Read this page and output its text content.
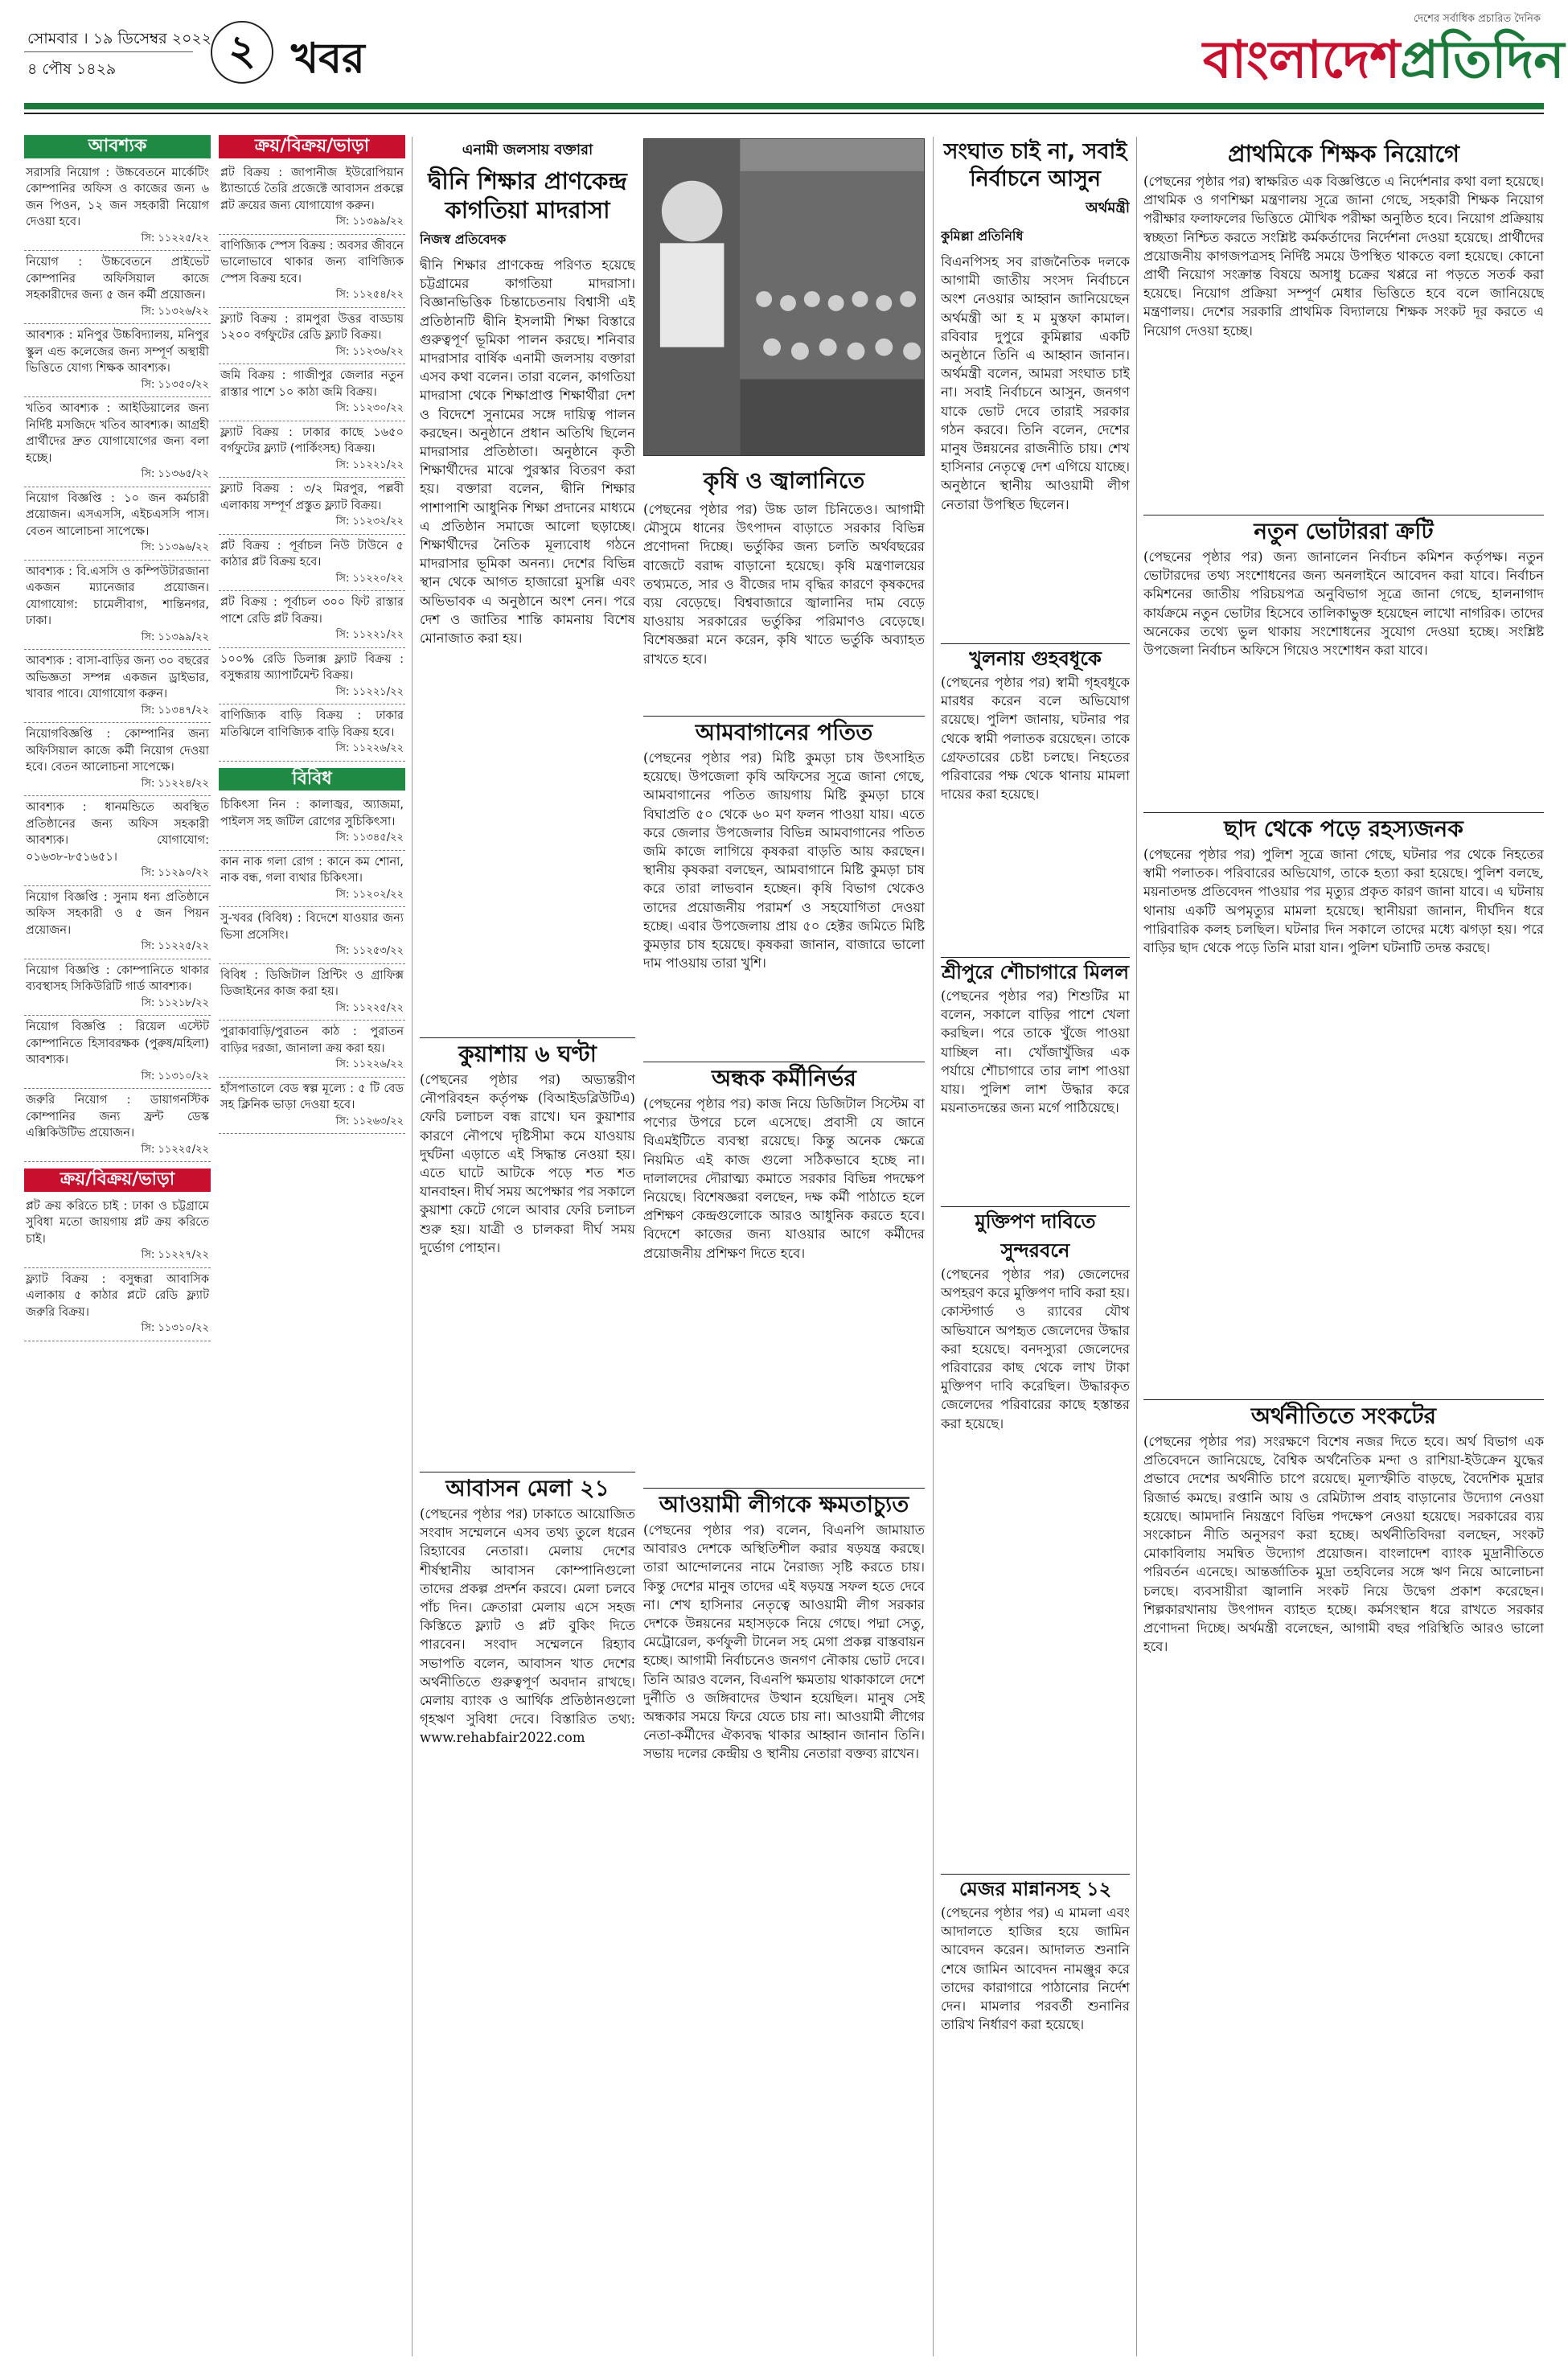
সোমবার । ১৯ ডিসেম্বর ২০২২
৪ পৌষ ১৪২৯	২ খবর
দেশের সর্বাধিক প্রচারিত দৈনিক
বাংলাদেশপ্রতিদিন
আবশ্যক
সরাসরি নিয়োগ : উচ্চবেতনে মার্কেটিং কোম্পানির অফিস ও কাজের জন্য ৬ জন পিওন, ১২ জন সহকারী নিয়োগ দেওয়া হবে।
সি: ১১২২৫/২২
নিয়োগ : উচ্চবেতনে প্রাইভেট কোম্পানির অফিসিয়াল কাজে সহকারীদের জন্য ৫ জন কর্মী প্রয়োজন।
সি: ১১৩২৬/২২
আবশ্যক : মনিপুর উচ্চবিদ্যালয়, মনিপুর স্কুল এন্ড কলেজের জন্য সম্পূর্ণ অস্থায়ী ভিত্তিতে যোগ্য শিক্ষক আবশ্যক।
সি: ১১৩৫০/২২
খতিব আবশ্যক : আইডিয়ালের জন্য নির্দিষ্ট মসজিদে খতিব আবশ্যক। আগ্রহী প্রার্থীদের দ্রুত যোগাযোগের জন্য বলা হচ্ছে।
সি: ১১৩৬৫/২২
নিয়োগ বিজ্ঞপ্তি : ১০ জন কর্মচারী প্রয়োজন। এসএসসি, এইচএসসি পাস। বেতন আলোচনা সাপেক্ষে।
সি: ১১৩৯৬/২২
আবশ্যক : বি.এসসি ও কম্পিউটারজানা একজন ম্যানেজার প্রয়োজন। যোগাযোগ: চামেলীবাগ, শান্তিনগর, ঢাকা।
সি: ১১৩৯৯/২২
আবশ্যক : বাসা-বাড়ির জন্য ৩০ বছরের অভিজ্ঞতা সম্পন্ন একজন ড্রাইভার, খাবার পাবে। যোগাযোগ করুন।
সি: ১১৩৪৭/২২
নিয়োগবিজ্ঞপ্তি : কোম্পানির জন্য অফিসিয়াল কাজে কর্মী নিয়োগ দেওয়া হবে। বেতন আলোচনা সাপেক্ষে।
সি: ১১২২৪/২২
আবশ্যক : ধানমন্ডিতে অবস্থিত প্রতিষ্ঠানের জন্য অফিস সহকারী আবশ্যক। যোগাযোগ: ০১৬৩৮-৮৫১৬৫১।
সি: ১১২৯০/২২
নিয়োগ বিজ্ঞপ্তি : সুনাম ধন্য প্রতিষ্ঠানে অফিস সহকারী ও ৫ জন পিয়ন প্রয়োজন।
সি: ১১২২৫/২২
নিয়োগ বিজ্ঞপ্তি : কোম্পানিতে থাকার ব্যবস্থাসহ সিকিউরিটি গার্ড আবশ্যক।
সি: ১১২১৮/২২
নিয়োগ বিজ্ঞপ্তি : রিয়েল এস্টেট কোম্পানিতে হিসাবরক্ষক (পুরুষ/মহিলা) আবশ্যক।
সি: ১১৩১০/২২
জরুরি নিয়োগ : ডায়াগনস্টিক কোম্পানির জন্য ফ্রন্ট ডেস্ক এক্সিকিউটিভ প্রয়োজন।
সি: ১১২২৫/২২
ক্রয়/বিক্রয়/ভাড়া
প্লট ক্রয় করিতে চাই : ঢাকা ও চট্টগ্রামে সুবিধা মতো জায়গায় প্লট ক্রয় করিতে চাই।
সি: ১১২২৭/২২
ফ্ল্যাট বিক্রয় : বসুন্ধরা আবাসিক এলাকায় ৫ কাঠার প্লটে রেডি ফ্ল্যাট জরুরি বিক্রয়।
সি: ১১৩১০/২২
ক্রয়/বিক্রয়/ভাড়া
প্লট বিক্রয় : জাপানীজ ইউরোপিয়ান ষ্ট্যান্ডার্ডে তৈরি প্রজেক্টে আবাসন প্রকল্পে প্লট ক্রয়ের জন্য যোগাযোগ করুন।
সি: ১১৩৯৯/২২
বাণিজ্যিক স্পেস বিক্রয় : অবসর জীবনে ভালোভাবে থাকার জন্য বাণিজ্যিক স্পেস বিক্রয় হবে।
সি: ১১২৫৪/২২
ফ্ল্যাট বিক্রয় : রামপুরা উত্তর বাড্ডায় ১২০০ বর্গফুটের রেডি ফ্ল্যাট বিক্রয়।
সি: ১১২৩৬/২২
জমি বিক্রয় : গাজীপুর জেলার নতুন রাস্তার পাশে ১০ কাঠা জমি বিক্রয়।
সি: ১১২৩০/২২
ফ্ল্যাট বিক্রয় : ঢাকার কাছে ১৬৫০ বর্গফুটের ফ্ল্যাট (পার্কিংসহ) বিক্রয়।
সি: ১১২২১/২২
ফ্ল্যাট বিক্রয় : ৩/২ মিরপুর, পল্লবী এলাকায় সম্পূর্ণ প্রস্তুত ফ্ল্যাট বিক্রয়।
সি: ১১২৩২/২২
প্লট বিক্রয় : পূর্বাচল নিউ টাউনে ৫ কাঠার প্লট বিক্রয় হবে।
সি: ১১২২০/২২
প্লট বিক্রয় : পূর্বাচল ৩০০ ফিট রাস্তার পাশে রেডি প্লট বিক্রয়।
সি: ১১২২১/২২
১০০% রেডি ডিলাক্স ফ্ল্যাট বিক্রয় : বসুন্ধরায় অ্যাপার্টমেন্ট বিক্রয়।
সি: ১১২২১/২২
বাণিজ্যিক বাড়ি বিক্রয় : ঢাকার মতিঝিলে বাণিজ্যিক বাড়ি বিক্রয় হবে।
সি: ১১২২৬/২২
বিবিধ
চিকিৎসা নিন : কালাজ্বর, অ্যাজমা, পাইলস সহ জটিল রোগের সুচিকিৎসা।
সি: ১১৩৪৫/২২
কান নাক গলা রোগ : কানে কম শোনা, নাক বন্ধ, গলা ব্যথার চিকিৎসা।
সি: ১১২০২/২২
সু-খবর (বিবিধ) : বিদেশে যাওয়ার জন্য ভিসা প্রসেসিং।
সি: ১১২৫৩/২২
বিবিধ : ডিজিটাল প্রিন্টিং ও গ্রাফিক্স ডিজাইনের কাজ করা হয়।
সি: ১১২২৫/২২
পুরাকাবাড়ি/পুরাতন কাঠ : পুরাতন বাড়ির দরজা, জানালা ক্রয় করা হয়।
সি: ১১২২৬/২২
হাঁসপাতালে বেড স্বল্প মূল্যে : ৫ টি বেড সহ ক্লিনিক ভাড়া দেওয়া হবে।
সি: ১১২৬৩/২২
এনামী জলসায় বক্তারা
দ্বীনি শিক্ষার প্রাণকেন্দ্র কাগতিয়া মাদরাসা
নিজস্ব প্রতিবেদক
দ্বীনি শিক্ষার প্রাণকেন্দ্র পরিণত হয়েছে চট্টগ্রামের কাগতিয়া মাদরাসা। বিজ্ঞানভিত্তিক চিন্তাচেতনায় বিশ্বাসী এই প্রতিষ্ঠানটি দ্বীনি ইসলামী শিক্ষা বিস্তারে গুরুত্বপূর্ণ ভূমিকা পালন করছে। শনিবার মাদরাসার বার্ষিক এনামী জলসায় বক্তারা এসব কথা বলেন। তারা বলেন, কাগতিয়া মাদরাসা থেকে শিক্ষাপ্রাপ্ত শিক্ষার্থীরা দেশ ও বিদেশে সুনামের সঙ্গে দায়িত্ব পালন করছেন। অনুষ্ঠানে প্রধান অতিথি ছিলেন মাদরাসার প্রতিষ্ঠাতা। অনুষ্ঠানে কৃতী শিক্ষার্থীদের মাঝে পুরস্কার বিতরণ করা হয়। বক্তারা বলেন, দ্বীনি শিক্ষার পাশাপাশি আধুনিক শিক্ষা প্রদানের মাধ্যমে এ প্রতিষ্ঠান সমাজে আলো ছড়াচ্ছে। শিক্ষার্থীদের নৈতিক মূল্যবোধ গঠনে মাদরাসার ভূমিকা অনন্য। দেশের বিভিন্ন স্থান থেকে আগত হাজারো মুসল্লি এবং অভিভাবক এ অনুষ্ঠানে অংশ নেন। পরে দেশ ও জাতির শান্তি কামনায় বিশেষ মোনাজাত করা হয়।
কৃষি ও জ্বালানিতে
(পেছনের পৃষ্ঠার পর) উচ্চ ডাল চিনিতেও। আগামী মৌসুমে ধানের উৎপাদন বাড়াতে সরকার বিভিন্ন প্রণোদনা দিচ্ছে। ভর্তুকির জন্য চলতি অর্থবছরের বাজেটে বরাদ্দ বাড়ানো হয়েছে। কৃষি মন্ত্রণালয়ের তথ্যমতে, সার ও বীজের দাম বৃদ্ধির কারণে কৃষকদের ব্যয় বেড়েছে। বিশ্ববাজারে জ্বালানির দাম বেড়ে যাওয়ায় সরকারের ভর্তুকির পরিমাণও বেড়েছে। বিশেষজ্ঞরা মনে করেন, কৃষি খাতে ভর্তুকি অব্যাহত রাখতে হবে।
আমবাগানের পতিত
(পেছনের পৃষ্ঠার পর) মিষ্টি কুমড়া চাষ উৎসাহিত হয়েছে। উপজেলা কৃষি অফিসের সূত্রে জানা গেছে, আমবাগানের পতিত জায়গায় মিষ্টি কুমড়া চাষে বিঘাপ্রতি ৫০ থেকে ৬০ মণ ফলন পাওয়া যায়। এতে করে জেলার উপজেলার বিভিন্ন আমবাগানের পতিত জমি কাজে লাগিয়ে কৃষকরা বাড়তি আয় করছেন। স্থানীয় কৃষকরা বলছেন, আমবাগানে মিষ্টি কুমড়া চাষ করে তারা লাভবান হচ্ছেন। কৃষি বিভাগ থেকেও তাদের প্রয়োজনীয় পরামর্শ ও সহযোগিতা দেওয়া হচ্ছে। এবার উপজেলায় প্রায় ৫০ হেক্টর জমিতে মিষ্টি কুমড়ার চাষ হয়েছে। কৃষকরা জানান, বাজারে ভালো দাম পাওয়ায় তারা খুশি।
অন্ধক কর্মীনির্ভর
(পেছনের পৃষ্ঠার পর) কাজ নিয়ে ডিজিটাল সিস্টেম বা পণ্যের উপরে চলে এসেছে। প্রবাসী যে জানে বিএমইটিতে ব্যবস্থা রয়েছে। কিন্তু অনেক ক্ষেত্রে নিয়মিত এই কাজ গুলো সঠিকভাবে হচ্ছে না। দালালদের দৌরাত্ম্য কমাতে সরকার বিভিন্ন পদক্ষেপ নিয়েছে। বিশেষজ্ঞরা বলছেন, দক্ষ কর্মী পাঠাতে হলে প্রশিক্ষণ কেন্দ্রগুলোকে আরও আধুনিক করতে হবে। বিদেশে কাজের জন্য যাওয়ার আগে কর্মীদের প্রয়োজনীয় প্রশিক্ষণ দিতে হবে।
কুয়াশায় ৬ ঘণ্টা
(পেছনের পৃষ্ঠার পর) অভ্যন্তরীণ নৌপরিবহন কর্তৃপক্ষ (বিআইডব্লিউটিএ) ফেরি চলাচল বন্ধ রাখে। ঘন কুয়াশার কারণে নৌপথে দৃষ্টিসীমা কমে যাওয়ায় দুর্ঘটনা এড়াতে এই সিদ্ধান্ত নেওয়া হয়। এতে ঘাটে আটকে পড়ে শত শত যানবাহন। দীর্ঘ সময় অপেক্ষার পর সকালে কুয়াশা কেটে গেলে আবার ফেরি চলাচল শুরু হয়। যাত্রী ও চালকরা দীর্ঘ সময় দুর্ভোগ পোহান।
আবাসন মেলা ২১
(পেছনের পৃষ্ঠার পর) ঢাকাতে আয়োজিত সংবাদ সম্মেলনে এসব তথ্য তুলে ধরেন রিহ্যাবের নেতারা। মেলায় দেশের শীর্ষস্থানীয় আবাসন কোম্পানিগুলো তাদের প্রকল্প প্রদর্শন করবে। মেলা চলবে পাঁচ দিন। ক্রেতারা মেলায় এসে সহজ কিস্তিতে ফ্ল্যাট ও প্লট বুকিং দিতে পারবেন। সংবাদ সম্মেলনে রিহ্যাব সভাপতি বলেন, আবাসন খাত দেশের অর্থনীতিতে গুরুত্বপূর্ণ অবদান রাখছে। মেলায় ব্যাংক ও আর্থিক প্রতিষ্ঠানগুলো গৃহঋণ সুবিধা দেবে। বিস্তারিত তথ্য: www.rehabfair2022.com
আওয়ামী লীগকে ক্ষমতাচ্যুত
(পেছনের পৃষ্ঠার পর) বলেন, বিএনপি জামায়াত আবারও দেশকে অস্থিতিশীল করার ষড়যন্ত্র করছে। তারা আন্দোলনের নামে নৈরাজ্য সৃষ্টি করতে চায়। কিন্তু দেশের মানুষ তাদের এই ষড়যন্ত্র সফল হতে দেবে না। শেখ হাসিনার নেতৃত্বে আওয়ামী লীগ সরকার দেশকে উন্নয়নের মহাসড়কে নিয়ে গেছে। পদ্মা সেতু, মেট্রোরেল, কর্ণফুলী টানেল সহ মেগা প্রকল্প বাস্তবায়ন হচ্ছে। আগামী নির্বাচনেও জনগণ নৌকায় ভোট দেবে। তিনি আরও বলেন, বিএনপি ক্ষমতায় থাকাকালে দেশে দুর্নীতি ও জঙ্গিবাদের উত্থান হয়েছিল। মানুষ সেই অন্ধকার সময়ে ফিরে যেতে চায় না। আওয়ামী লীগের নেতা-কর্মীদের ঐক্যবদ্ধ থাকার আহ্বান জানান তিনি। সভায় দলের কেন্দ্রীয় ও স্থানীয় নেতারা বক্তব্য রাখেন।
সংঘাত চাই না, সবাই নির্বাচনে আসুন
অর্থমন্ত্রী
কুমিল্লা প্রতিনিধি
বিএনপিসহ সব রাজনৈতিক দলকে আগামী জাতীয় সংসদ নির্বাচনে অংশ নেওয়ার আহ্বান জানিয়েছেন অর্থমন্ত্রী আ হ ম মুস্তফা কামাল। রবিবার দুপুরে কুমিল্লার একটি অনুষ্ঠানে তিনি এ আহ্বান জানান। অর্থমন্ত্রী বলেন, আমরা সংঘাত চাই না। সবাই নির্বাচনে আসুন, জনগণ যাকে ভোট দেবে তারাই সরকার গঠন করবে। তিনি বলেন, দেশের মানুষ উন্নয়নের রাজনীতি চায়। শেখ হাসিনার নেতৃত্বে দেশ এগিয়ে যাচ্ছে। অনুষ্ঠানে স্থানীয় আওয়ামী লীগ নেতারা উপস্থিত ছিলেন।
খুলনায় গুহবধূকে
(পেছনের পৃষ্ঠার পর) স্বামী গৃহবধূকে মারধর করেন বলে অভিযোগ রয়েছে। পুলিশ জানায়, ঘটনার পর থেকে স্বামী পলাতক রয়েছেন। তাকে গ্রেফতারের চেষ্টা চলছে। নিহতের পরিবারের পক্ষ থেকে থানায় মামলা দায়ের করা হয়েছে।
শ্রীপুরে শৌচাগারে মিলল
(পেছনের পৃষ্ঠার পর) শিশুটির মা বলেন, সকালে বাড়ির পাশে খেলা করছিল। পরে তাকে খুঁজে পাওয়া যাচ্ছিল না। খোঁজাখুঁজির এক পর্যায়ে শৌচাগারে তার লাশ পাওয়া যায়। পুলিশ লাশ উদ্ধার করে ময়নাতদন্তের জন্য মর্গে পাঠিয়েছে।
মুক্তিপণ দাবিতে সুন্দরবনে
(পেছনের পৃষ্ঠার পর) জেলেদের অপহরণ করে মুক্তিপণ দাবি করা হয়। কোস্টগার্ড ও র‌্যাবের যৌথ অভিযানে অপহৃত জেলেদের উদ্ধার করা হয়েছে। বনদস্যুরা জেলেদের পরিবারের কাছ থেকে লাখ টাকা মুক্তিপণ দাবি করেছিল। উদ্ধারকৃত জেলেদের পরিবারের কাছে হস্তান্তর করা হয়েছে।
মেজর মান্নানসহ ১২
(পেছনের পৃষ্ঠার পর) এ মামলা এবং আদালতে হাজির হয়ে জামিন আবেদন করেন। আদালত শুনানি শেষে জামিন আবেদন নামঞ্জুর করে তাদের কারাগারে পাঠানোর নির্দেশ দেন। মামলার পরবর্তী শুনানির তারিখ নির্ধারণ করা হয়েছে।
প্রাথমিকে শিক্ষক নিয়োগে
(পেছনের পৃষ্ঠার পর) স্বাক্ষরিত এক বিজ্ঞপ্তিতে এ নির্দেশনার কথা বলা হয়েছে। প্রাথমিক ও গণশিক্ষা মন্ত্রণালয় সূত্রে জানা গেছে, সহকারী শিক্ষক নিয়োগ পরীক্ষার ফলাফলের ভিত্তিতে মৌখিক পরীক্ষা অনুষ্ঠিত হবে। নিয়োগ প্রক্রিয়ায় স্বচ্ছতা নিশ্চিত করতে সংশ্লিষ্ট কর্মকর্তাদের নির্দেশনা দেওয়া হয়েছে। প্রার্থীদের প্রয়োজনীয় কাগজপত্রসহ নির্দিষ্ট সময়ে উপস্থিত থাকতে বলা হয়েছে। কোনো প্রার্থী নিয়োগ সংক্রান্ত বিষয়ে অসাধু চক্রের খপ্পরে না পড়তে সতর্ক করা হয়েছে। নিয়োগ প্রক্রিয়া সম্পূর্ণ মেধার ভিত্তিতে হবে বলে জানিয়েছে মন্ত্রণালয়। দেশের সরকারি প্রাথমিক বিদ্যালয়ে শিক্ষক সংকট দূর করতে এ নিয়োগ দেওয়া হচ্ছে।
নতুন ভোটাররা ক্রটি
(পেছনের পৃষ্ঠার পর) জন্য জানালেন নির্বাচন কমিশন কর্তৃপক্ষ। নতুন ভোটারদের তথ্য সংশোধনের জন্য অনলাইনে আবেদন করা যাবে। নির্বাচন কমিশনের জাতীয় পরিচয়পত্র অনুবিভাগ সূত্রে জানা গেছে, হালনাগাদ কার্যক্রমে নতুন ভোটার হিসেবে তালিকাভুক্ত হয়েছেন লাখো নাগরিক। তাদের অনেকের তথ্যে ভুল থাকায় সংশোধনের সুযোগ দেওয়া হচ্ছে। সংশ্লিষ্ট উপজেলা নির্বাচন অফিসে গিয়েও সংশোধন করা যাবে।
ছাদ থেকে পড়ে রহস্যজনক
(পেছনের পৃষ্ঠার পর) পুলিশ সূত্রে জানা গেছে, ঘটনার পর থেকে নিহতের স্বামী পলাতক। পরিবারের অভিযোগ, তাকে হত্যা করা হয়েছে। পুলিশ বলছে, ময়নাতদন্ত প্রতিবেদন পাওয়ার পর মৃত্যুর প্রকৃত কারণ জানা যাবে। এ ঘটনায় থানায় একটি অপমৃত্যুর মামলা হয়েছে। স্থানীয়রা জানান, দীর্ঘদিন ধরে পারিবারিক কলহ চলছিল। ঘটনার দিন সকালে তাদের মধ্যে ঝগড়া হয়। পরে বাড়ির ছাদ থেকে পড়ে তিনি মারা যান। পুলিশ ঘটনাটি তদন্ত করছে।
অর্থনীতিতে সংকটের
(পেছনের পৃষ্ঠার পর) সংরক্ষণে বিশেষ নজর দিতে হবে। অর্থ বিভাগ এক প্রতিবেদনে জানিয়েছে, বৈশ্বিক অর্থনৈতিক মন্দা ও রাশিয়া-ইউক্রেন যুদ্ধের প্রভাবে দেশের অর্থনীতি চাপে রয়েছে। মূল্যস্ফীতি বাড়ছে, বৈদেশিক মুদ্রার রিজার্ভ কমছে। রপ্তানি আয় ও রেমিট্যান্স প্রবাহ বাড়ানোর উদ্যোগ নেওয়া হয়েছে। আমদানি নিয়ন্ত্রণে বিভিন্ন পদক্ষেপ নেওয়া হয়েছে। সরকারের ব্যয় সংকোচন নীতি অনুসরণ করা হচ্ছে। অর্থনীতিবিদরা বলছেন, সংকট মোকাবিলায় সমন্বিত উদ্যোগ প্রয়োজন। বাংলাদেশ ব্যাংক মুদ্রানীতিতে পরিবর্তন এনেছে। আন্তর্জাতিক মুদ্রা তহবিলের সঙ্গে ঋণ নিয়ে আলোচনা চলছে। ব্যবসায়ীরা জ্বালানি সংকট নিয়ে উদ্বেগ প্রকাশ করেছেন। শিল্পকারখানায় উৎপাদন ব্যাহত হচ্ছে। কর্মসংস্থান ধরে রাখতে সরকার প্রণোদনা দিচ্ছে। অর্থমন্ত্রী বলেছেন, আগামী বছর পরিস্থিতি আরও ভালো হবে।
